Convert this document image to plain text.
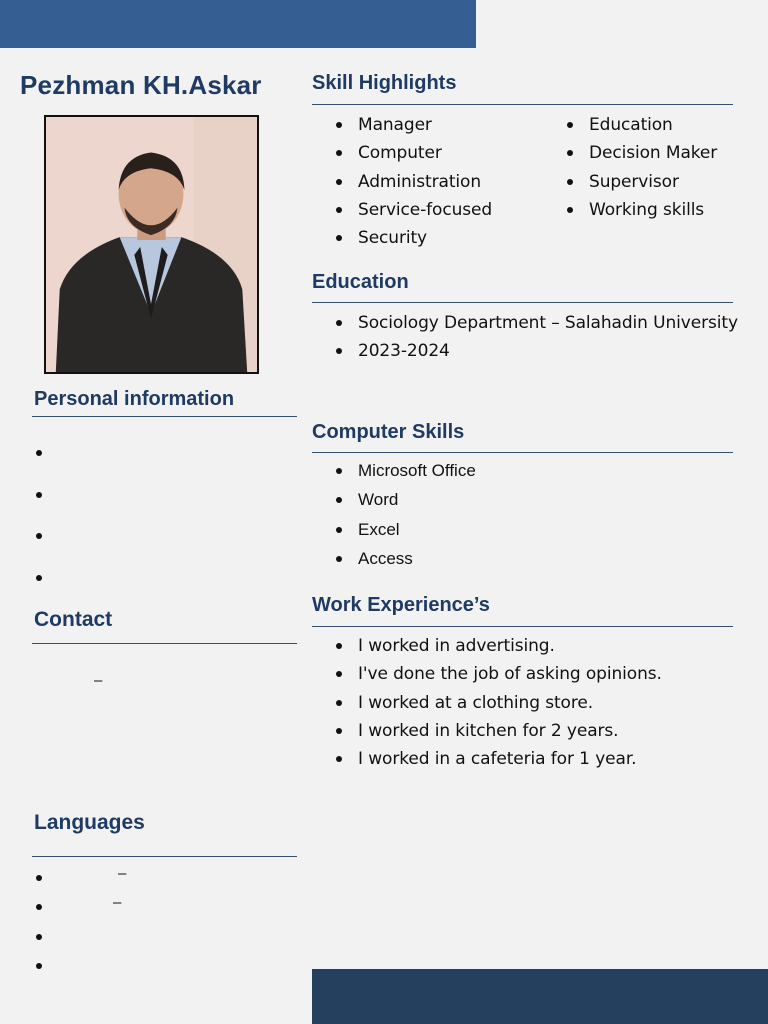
Pezhman KH.Askar	Skill Highlights
Manager
Computer
Administration
Service-focused
Security
Education
Decision Maker
Supervisor
Working skills
Education
Sociology Department – Salahadin University
2023-2024
Computer Skills
Microsoft Office
Word
Excel
Access
Work Experience’s
I worked in advertising.
I've done the job of asking opinions.
I worked at a clothing store.
I worked in kitchen for 2 years.
I worked in a cafeteria for 1 year.
Personal information
Contact
–
Languages
–
–
